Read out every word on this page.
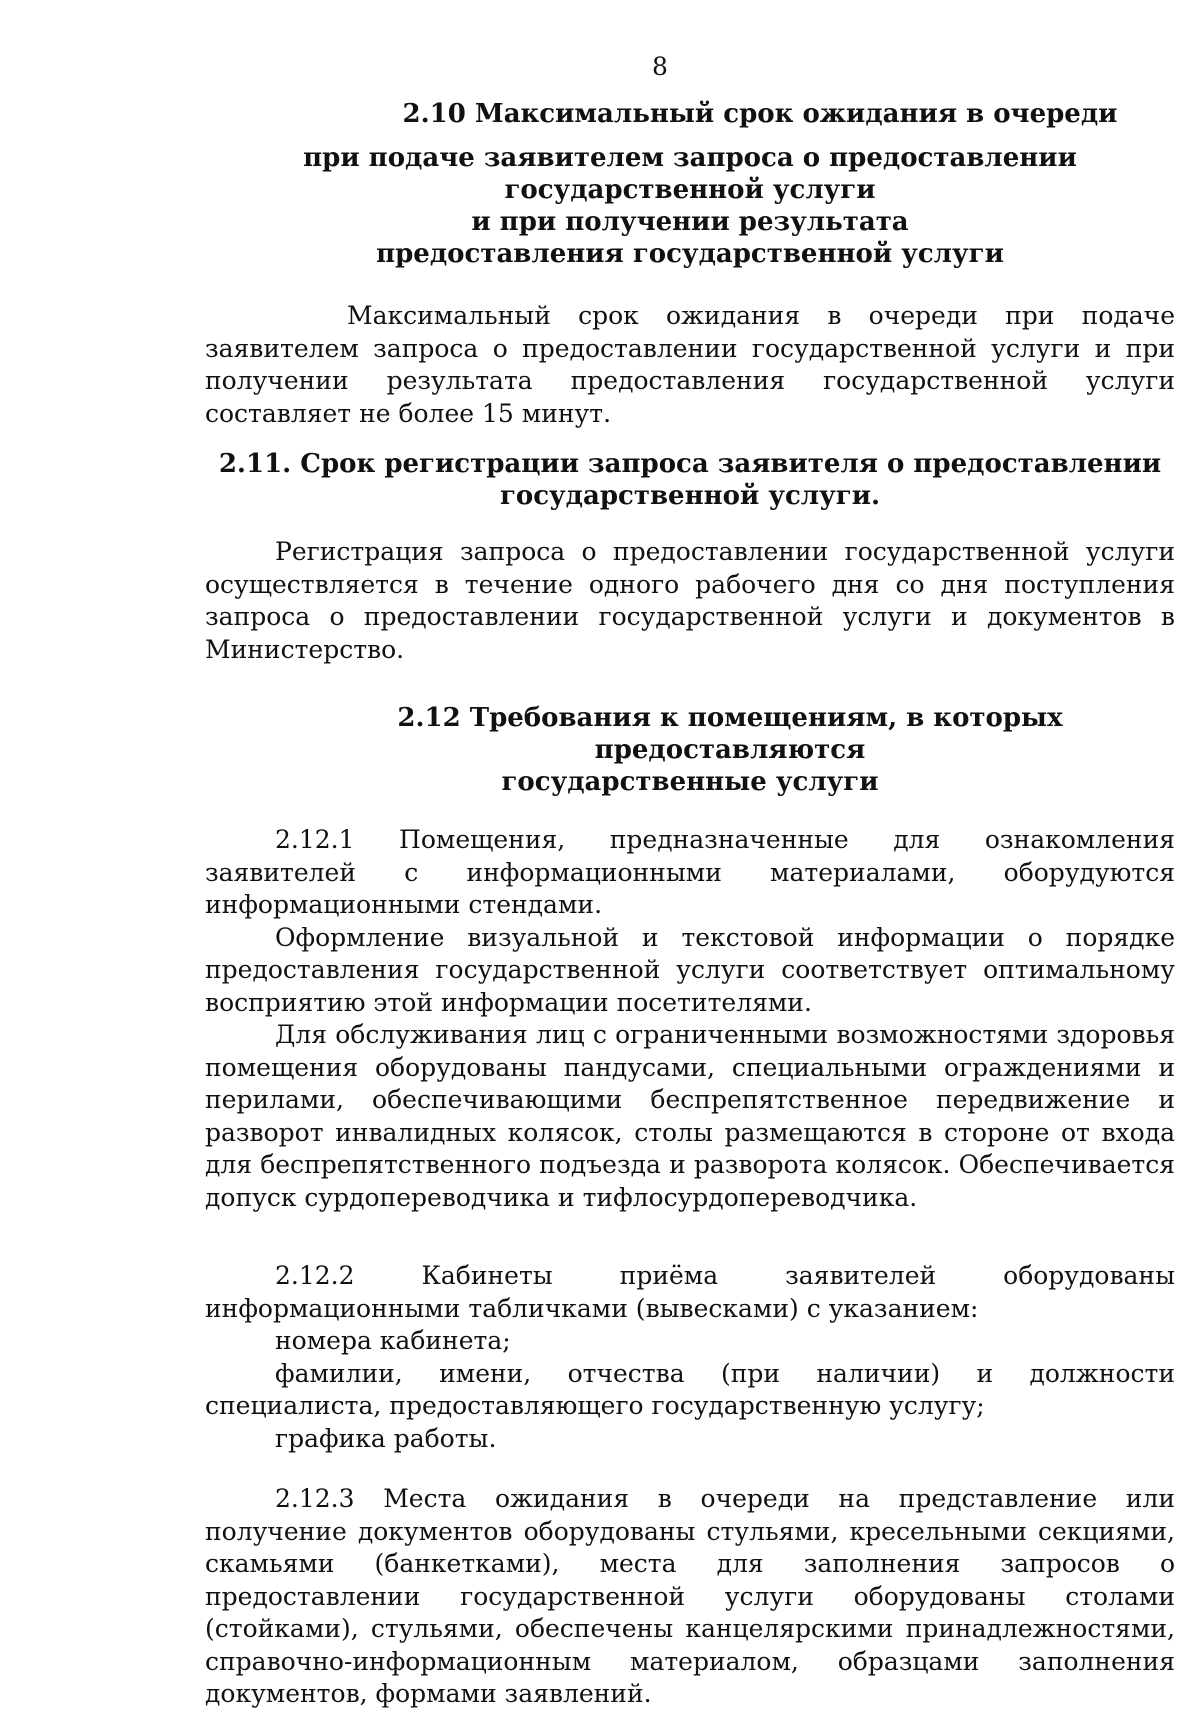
8

2.10 Максимальный срок ожидания в очереди

при подаче заявителем запроса о предоставлении государственной услуги

и при получении результата

предоставления государственной услуги

Максимальный срок ожидания в очереди при подаче заявителем запроса о предоставлении государственной услуги и при получении результата предоставления государственной услуги составляет не более 15 минут.

2.11. Срок регистрации запроса заявителя о предоставлении

государственной услуги.

Регистрация запроса о предоставлении государственной услуги осуществляется в течение одного рабочего дня со дня поступления запроса о предоставлении государственной услуги и документов в Министерство.

2.12 Требования к помещениям, в которых предоставляются

государственные услуги

2.12.1 Помещения, предназначенные для ознакомления заявителей с информационными материалами, оборудуются информационными стендами.

Оформление визуальной и текстовой информации о порядке предоставления государственной услуги соответствует оптимальному восприятию этой информации посетителями.

Для обслуживания лиц с ограниченными возможностями здоровья помещения оборудованы пандусами, специальными ограждениями и перилами, обеспечивающими беспрепятственное передвижение и разворот инвалидных колясок, столы размещаются в стороне от входа для беспрепятственного подъезда и разворота колясок. Обеспечивается допуск сурдопереводчика и тифлосурдопереводчика.

2.12.2 Кабинеты приёма заявителей оборудованы информационными табличками (вывесками) с указанием:

номера кабинета;

фамилии, имени, отчества (при наличии) и должности специалиста, предоставляющего государственную услугу;

графика работы.

2.12.3 Места ожидания в очереди на представление или получение документов оборудованы стульями, кресельными секциями, скамьями (банкетками), места для заполнения запросов о предоставлении государственной услуги оборудованы столами (стойками), стульями, обеспечены канцелярскими принадлежностями, справочно-информационным материалом, образцами заполнения документов, формами заявлений.
